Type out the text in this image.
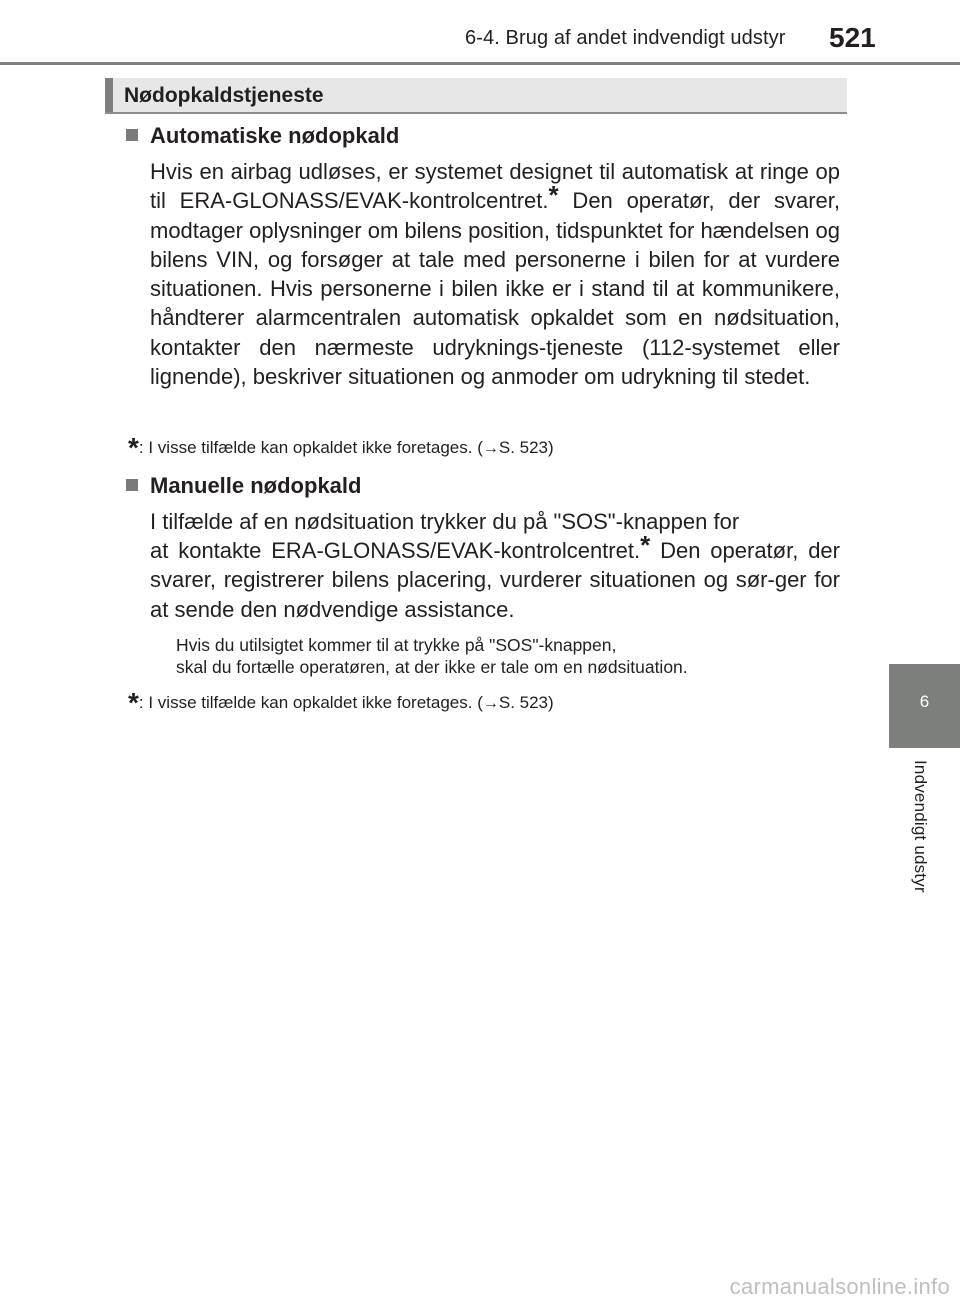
6-4. Brug af andet indvendigt udstyr 521
Nødopkaldstjeneste
Automatiske nødopkald
Hvis en airbag udløses, er systemet designet til automatisk at ringe op til ERA-GLONASS/EVAK-kontrolcentret.* Den operatør, der svarer, modtager oplysninger om bilens position, tidspunktet for hændelsen og bilens VIN, og forsøger at tale med personerne i bilen for at vurdere situationen. Hvis personerne i bilen ikke er i stand til at kommunikere, håndterer alarmcentralen automatisk opkaldet som en nødsituation, kontakter den nærmeste udryknings-tjeneste (112-systemet eller lignende), beskriver situationen og anmoder om udrykning til stedet.
*: I visse tilfælde kan opkaldet ikke foretages. (→S. 523)
Manuelle nødopkald
I tilfælde af en nødsituation trykker du på "SOS"-knappen for
at kontakte ERA-GLONASS/EVAK-kontrolcentret.* Den operatør, der svarer, registrerer bilens placering, vurderer situationen og sør-ger for at sende den nødvendige assistance.
Hvis du utilsigtet kommer til at trykke på "SOS"-knappen,
skal du fortælle operatøren, at der ikke er tale om en nødsituation.
*: I visse tilfælde kan opkaldet ikke foretages. (→S. 523)	6
Indvendigt udstyr
carmanualsonline.info
